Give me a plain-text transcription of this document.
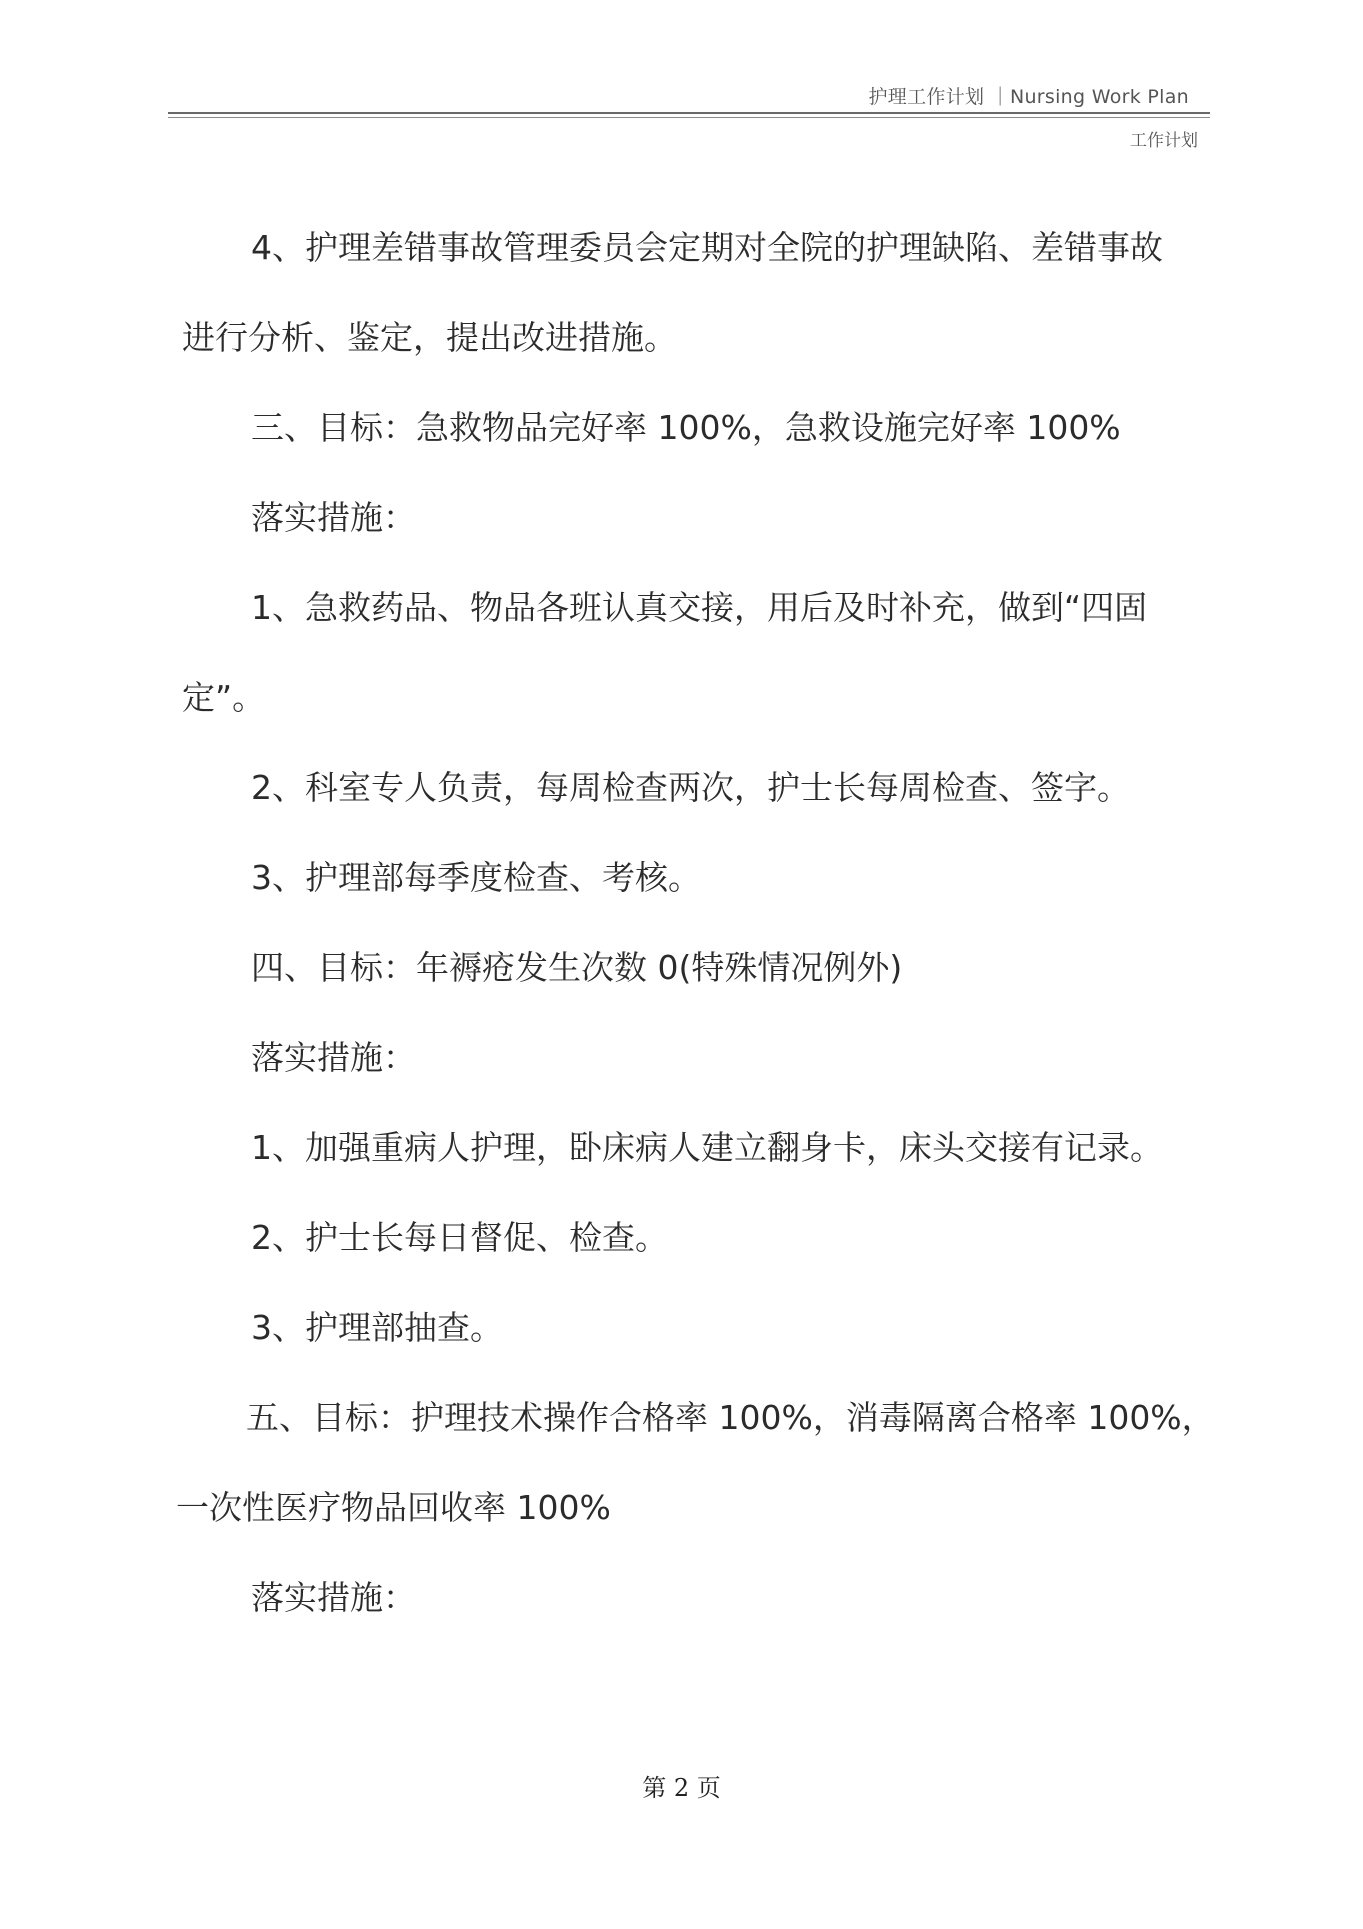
护理工作计划 ｜Nursing Work Plan
工作计划
4、护理差错事故管理委员会定期对全院的护理缺陷、差错事故
进行分析、鉴定，提出改进措施。
三、目标：急救物品完好率 100%，急救设施完好率 100%
落实措施：
1、急救药品、物品各班认真交接，用后及时补充，做到“四固
定”。
2、科室专人负责，每周检查两次，护士长每周检查、签字。
3、护理部每季度检查、考核。
四、目标：年褥疮发生次数 0(特殊情况例外)
落实措施：
1、加强重病人护理，卧床病人建立翻身卡，床头交接有记录。
2、护士长每日督促、检查。
3、护理部抽查。
五、目标：护理技术操作合格率 100%，消毒隔离合格率 100%，
一次性医疗物品回收率 100%
落实措施：
第 2 页
